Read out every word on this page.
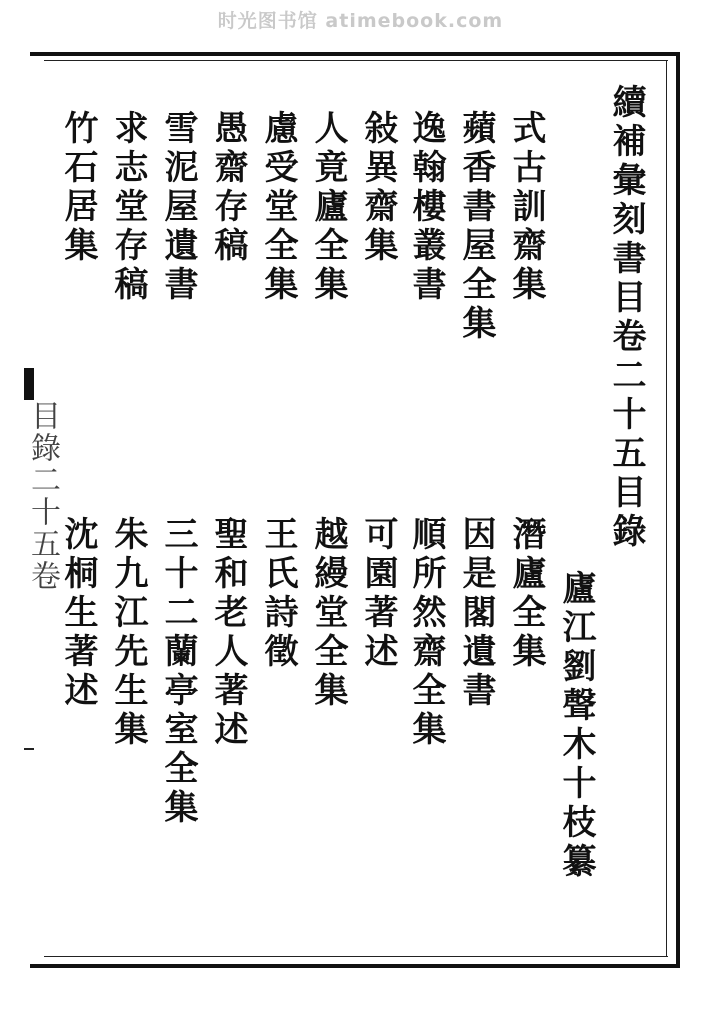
时光图书馆 atimebook.com
目錄二十五卷	續補彙刻書目卷二十五目錄
廬江劉聲木十枝纂
式古訓齋集
蘋香書屋全集
逸翰樓叢書
敍異齋集
人竟廬全集
慮受堂全集
愚齋存稿
雪泥屋遺書
求志堂存稿
竹石居集
潛廬全集
因是閣遺書
順所然齋全集
可園著述
越縵堂全集
王氏詩徵
聖和老人著述
三十二蘭亭室全集
朱九江先生集
沈桐生著述
